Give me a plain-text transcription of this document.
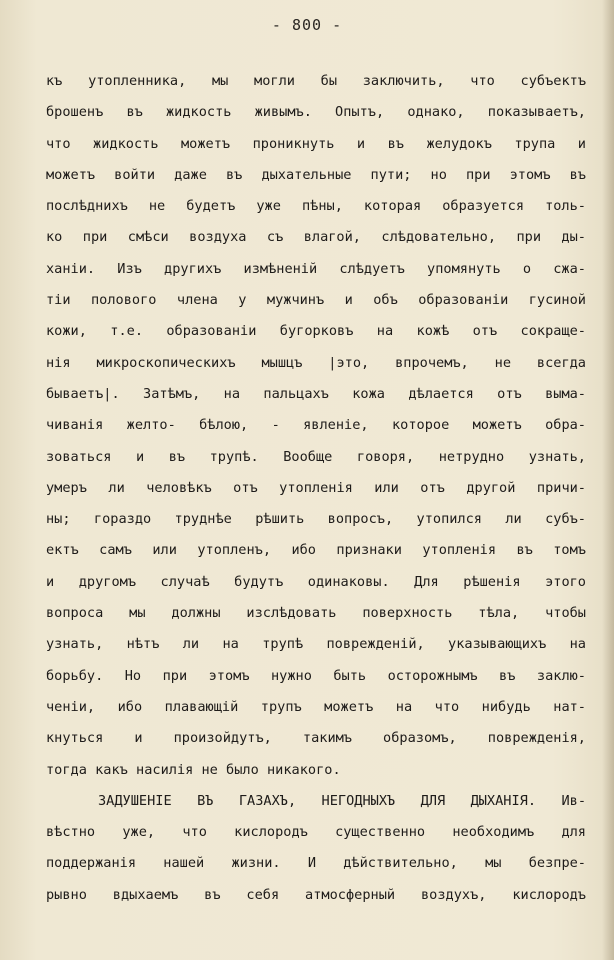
- 800 -
къ утопленника, мы могли бы заключить, что субъектъ
брошенъ въ жидкость живымъ. Опытъ, однако, показываетъ,
что жидкость можетъ проникнуть и въ желудокъ трупа и
можетъ войти даже въ дыхательные пути; но при этомъ въ
послѣднихъ не будетъ уже пѣны, которая образуется толь-
ко при смѣси воздуха съ влагой, слѣдовательно, при ды-
ханіи. Изъ другихъ измѣненій слѣдуетъ упомянуть о сжа-
тіи полового члена у мужчинъ и объ образованіи гусиной
кожи, т.е. образованіи бугорковъ на кожѣ отъ сокраще-
нія микроскопическихъ мышцъ |это, впрочемъ, не всегда
бываетъ|. Затѣмъ, на пальцахъ кожа дѣлается отъ выма-
чиванія желто- бѣлою, - явленіе, которое можетъ обра-
зоваться и въ трупѣ. Вообще говоря, нетрудно узнать,
умеръ ли человѣкъ отъ утопленія или отъ другой причи-
ны; гораздо труднѣе рѣшить вопросъ, утопился ли субъ-
ектъ самъ или утопленъ, ибо признаки утопленія въ томъ
и другомъ случаѣ будутъ одинаковы. Для рѣшенія этого
вопроса мы должны изслѣдовать поверхность тѣла, чтобы
узнать, нѣтъ ли на трупѣ повреждeній, указывающихъ на
борьбу. Но при этомъ нужно быть осторожнымъ въ заклю-
ченіи, ибо плавающій трупъ можетъ на что нибудь нат-
кнуться и произойдутъ, такимъ образомъ, поврежденія,
тогда какъ насилія не было никакого.
ЗАДУШЕНІЕ ВЪ ГАЗАХЪ, НЕГОДНЫХЪ ДЛЯ ДЫХАНІЯ. Ив-
вѣстно уже, что кислородъ существенно необходимъ для
поддержанія нашей жизни. И дѣйствительно, мы безпре-
рывно вдыхаемъ въ себя атмосферный воздухъ, кислородъ
